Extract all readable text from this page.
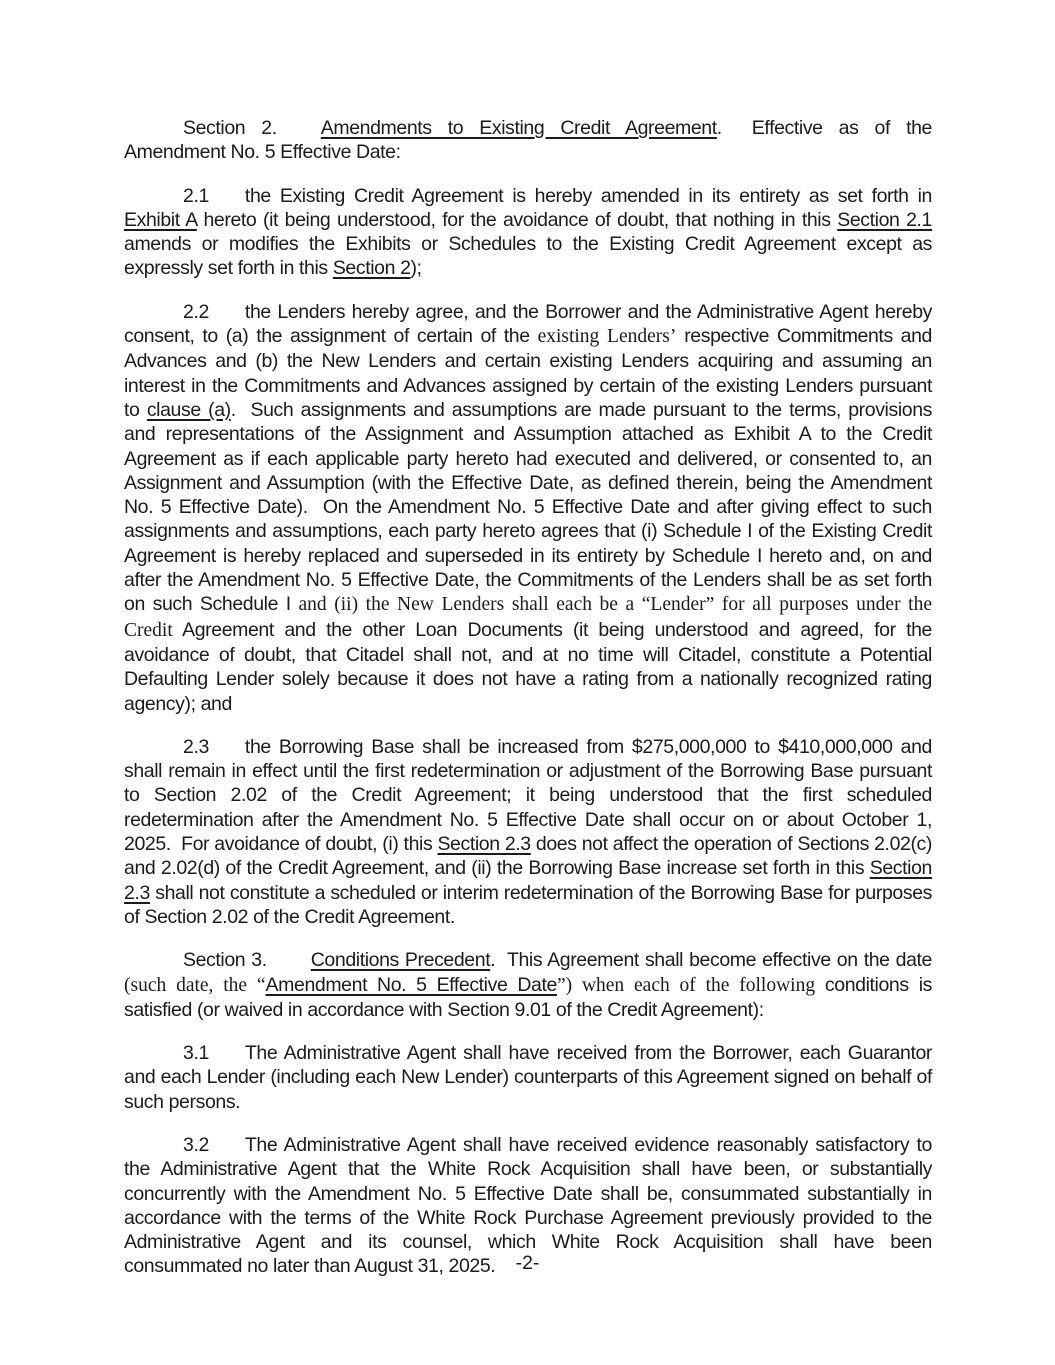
Section 2. Amendments to Existing Credit Agreement. Effective as of the Amendment No. 5 Effective Date:

2.1 the Existing Credit Agreement is hereby amended in its entirety as set forth in Exhibit A hereto (it being understood, for the avoidance of doubt, that nothing in this Section 2.1 amends or modifies the Exhibits or Schedules to the Existing Credit Agreement except as expressly set forth in this Section 2);

2.2 the Lenders hereby agree, and the Borrower and the Administrative Agent hereby consent, to (a) the assignment of certain of the existing Lenders’ respective Commitments and Advances and (b) the New Lenders and certain existing Lenders acquiring and assuming an interest in the Commitments and Advances assigned by certain of the existing Lenders pursuant to clause (a).  Such assignments and assumptions are made pursuant to the terms, provisions and representations of the Assignment and Assumption attached as Exhibit A to the Credit Agreement as if each applicable party hereto had executed and delivered, or consented to, an Assignment and Assumption (with the Effective Date, as defined therein, being the Amendment No. 5 Effective Date).  On the Amendment No. 5 Effective Date and after giving effect to such assignments and assumptions, each party hereto agrees that (i) Schedule I of the Existing Credit Agreement is hereby replaced and superseded in its entirety by Schedule I hereto and, on and after the Amendment No. 5 Effective Date, the Commitments of the Lenders shall be as set forth on such Schedule I and (ii) the New Lenders shall each be a “Lender” for all purposes under the Credit Agreement and the other Loan Documents (it being understood and agreed, for the avoidance of doubt, that Citadel shall not, and at no time will Citadel, constitute a Potential Defaulting Lender solely because it does not have a rating from a nationally recognized rating agency); and

2.3 the Borrowing Base shall be increased from $275,000,000 to $410,000,000 and shall remain in effect until the first redetermination or adjustment of the Borrowing Base pursuant to Section 2.02 of the Credit Agreement; it being understood that the first scheduled redetermination after the Amendment No. 5 Effective Date shall occur on or about October 1, 2025.  For avoidance of doubt, (i) this Section 2.3 does not affect the operation of Sections 2.02(c) and 2.02(d) of the Credit Agreement, and (ii) the Borrowing Base increase set forth in this Section 2.3 shall not constitute a scheduled or interim redetermination of the Borrowing Base for purposes of Section 2.02 of the Credit Agreement.

Section 3. Conditions Precedent.  This Agreement shall become effective on the date (such date, the “Amendment No. 5 Effective Date”) when each of the following conditions is satisfied (or waived in accordance with Section 9.01 of the Credit Agreement):

3.1 The Administrative Agent shall have received from the Borrower, each Guarantor and each Lender (including each New Lender) counterparts of this Agreement signed on behalf of such persons.

3.2 The Administrative Agent shall have received evidence reasonably satisfactory to the Administrative Agent that the White Rock Acquisition shall have been, or substantially concurrently with the Amendment No. 5 Effective Date shall be, consummated substantially in accordance with the terms of the White Rock Purchase Agreement previously provided to the Administrative Agent and its counsel, which White Rock Acquisition shall have been consummated no later than August 31, 2025.	-2-
